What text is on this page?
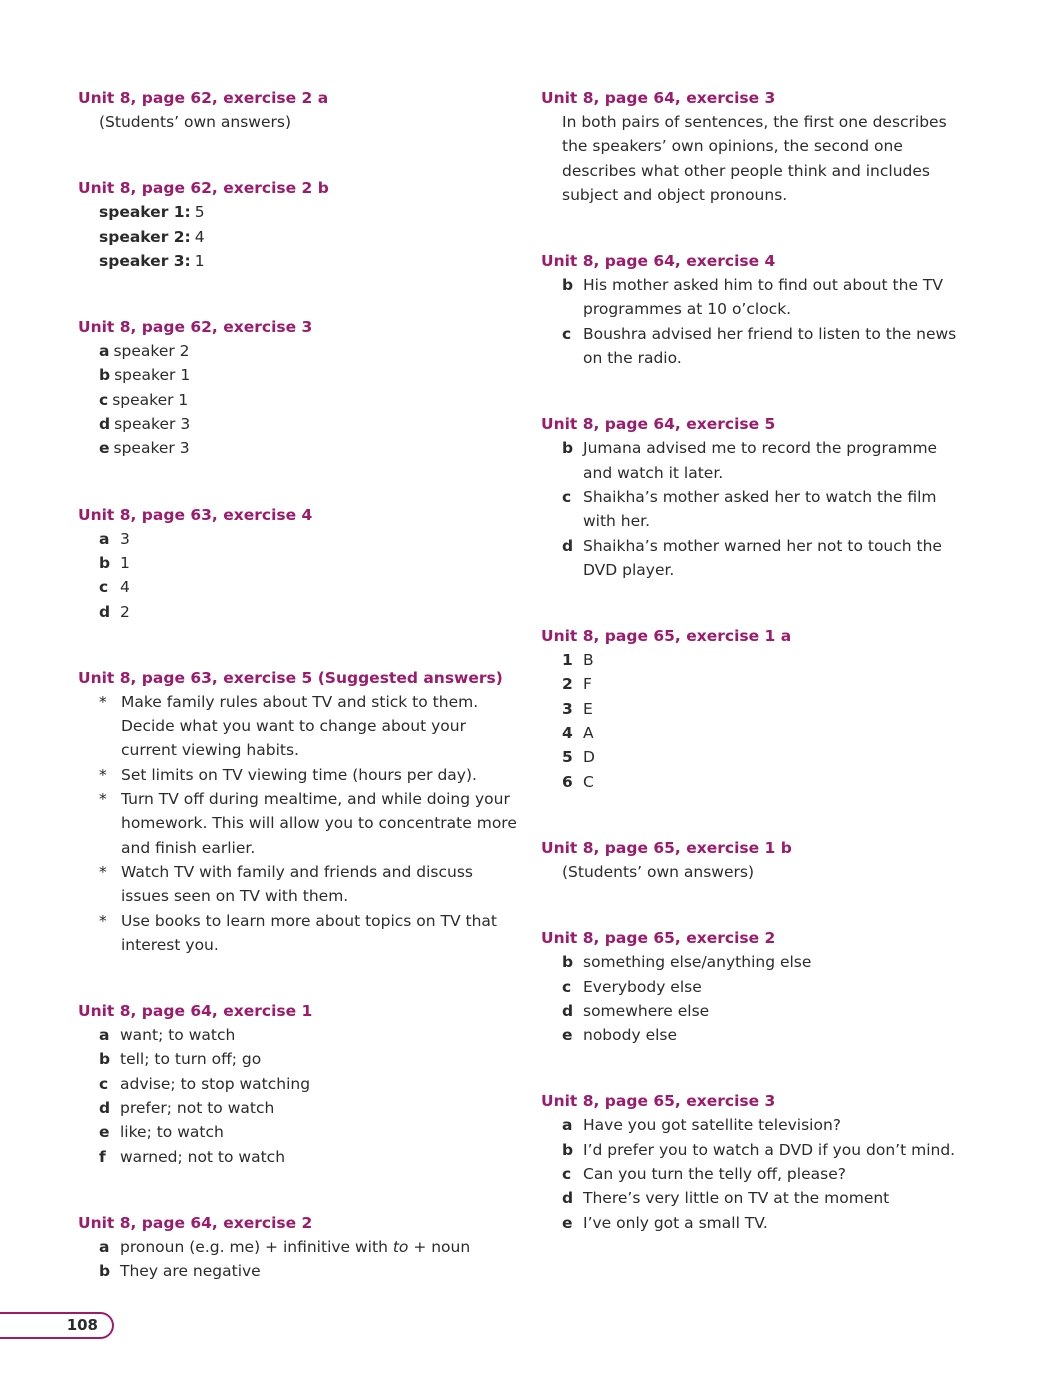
Unit 8, page 62, exercise 2 a
(Students’ own answers)
Unit 8, page 62, exercise 2 b
speaker 1: 5
speaker 2: 4
speaker 3: 1
Unit 8, page 62, exercise 3
a speaker 2
b speaker 1
c speaker 1
d speaker 3
e speaker 3
Unit 8, page 63, exercise 4
a 3
b 1
c 4
d 2
Unit 8, page 63, exercise 5 (Suggested answers)
* Make family rules about TV and stick to them. Decide what you want to change about your current viewing habits.
* Set limits on TV viewing time (hours per day).
* Turn TV off during mealtime, and while doing your homework. This will allow you to concentrate more and finish earlier.
* Watch TV with family and friends and discuss issues seen on TV with them.
* Use books to learn more about topics on TV that interest you.
Unit 8, page 64, exercise 1
a want; to watch
b tell; to turn off; go
c advise; to stop watching
d prefer; not to watch
e like; to watch
f warned; not to watch
Unit 8, page 64, exercise 2
a pronoun (e.g. me) + infinitive with to + noun
b They are negative
Unit 8, page 64, exercise 3
In both pairs of sentences, the first one describes the speakers’ own opinions, the second one describes what other people think and includes subject and object pronouns.
Unit 8, page 64, exercise 4
b His mother asked him to find out about the TV programmes at 10 o’clock.
c Boushra advised her friend to listen to the news on the radio.
Unit 8, page 64, exercise 5
b Jumana advised me to record the programme and watch it later.
c Shaikha’s mother asked her to watch the film with her.
d Shaikha’s mother warned her not to touch the DVD player.
Unit 8, page 65, exercise 1 a
1 B
2 F
3 E
4 A
5 D
6 C
Unit 8, page 65, exercise 1 b
(Students’ own answers)
Unit 8, page 65, exercise 2
b something else/anything else
c Everybody else
d somewhere else
e nobody else
Unit 8, page 65, exercise 3
a Have you got satellite television?
b I’d prefer you to watch a DVD if you don’t mind.
c Can you turn the telly off, please?
d There’s very little on TV at the moment
e I’ve only got a small TV.
108
